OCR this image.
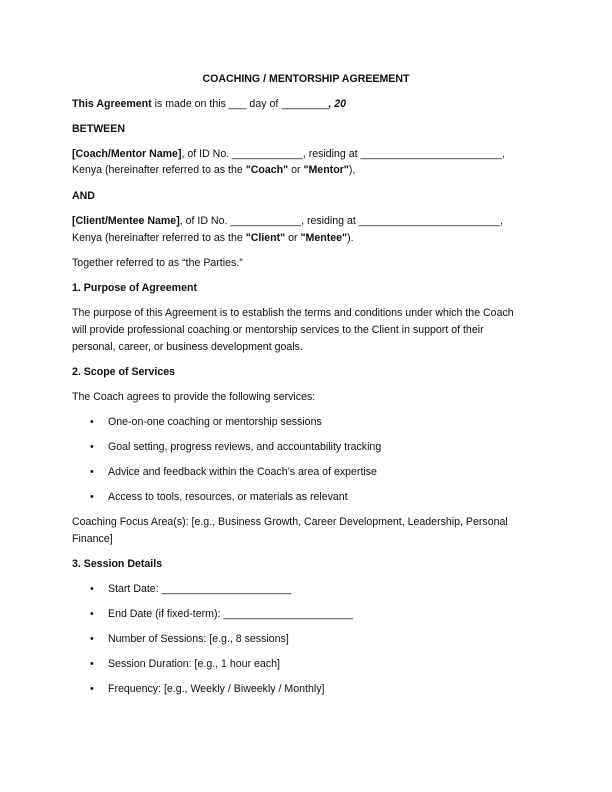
COACHING / MENTORSHIP AGREEMENT
This Agreement is made on this ___ day of ________, 20
BETWEEN
[Coach/Mentor Name], of ID No. ____________, residing at ________________________,
Kenya (hereinafter referred to as the "Coach" or "Mentor"),
AND
[Client/Mentee Name], of ID No. ____________, residing at ________________________,
Kenya (hereinafter referred to as the "Client" or "Mentee").
Together referred to as “the Parties.”
1. Purpose of Agreement
The purpose of this Agreement is to establish the terms and conditions under which the Coach
will provide professional coaching or mentorship services to the Client in support of their
personal, career, or business development goals.
2. Scope of Services
The Coach agrees to provide the following services:
• One-on-one coaching or mentorship sessions
• Goal setting, progress reviews, and accountability tracking
• Advice and feedback within the Coach’s area of expertise
• Access to tools, resources, or materials as relevant
Coaching Focus Area(s): [e.g., Business Growth, Career Development, Leadership, Personal
Finance]
3. Session Details
• Start Date: ______________________
• End Date (if fixed-term): ______________________
• Number of Sessions: [e.g., 8 sessions]
• Session Duration: [e.g., 1 hour each]
• Frequency: [e.g., Weekly / Biweekly / Monthly]
